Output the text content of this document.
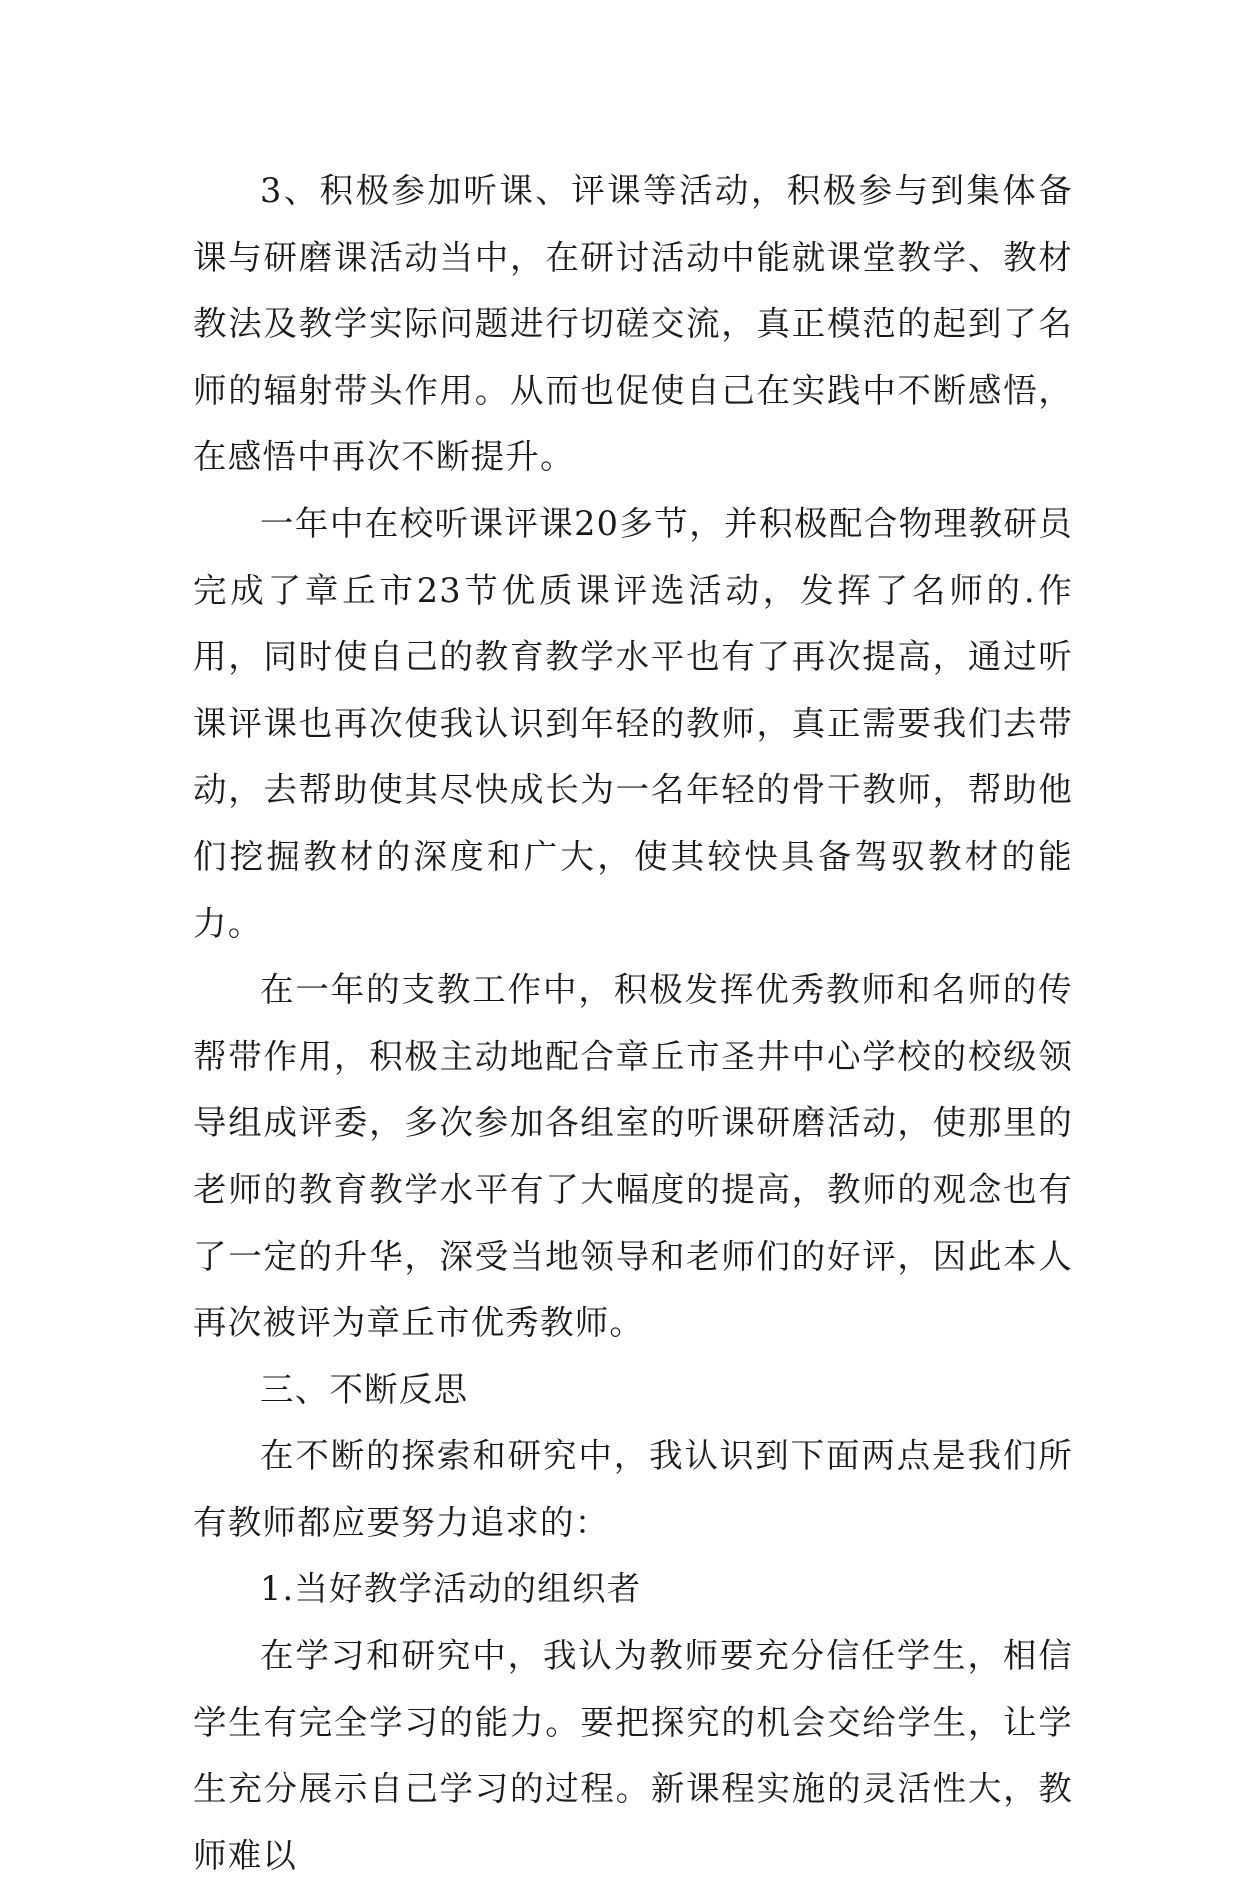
3、积极参加听课、评课等活动，积极参与到集体备课与研磨课活动当中，在研讨活动中能就课堂教学、教材教法及教学实际问题进行切磋交流，真正模范的起到了名师的辐射带头作用。从而也促使自己在实践中不断感悟，在感悟中再次不断提升。

一年中在校听课评课20多节，并积极配合物理教研员完成了章丘市23节优质课评选活动，发挥了名师的.作用，同时使自己的教育教学水平也有了再次提高，通过听课评课也再次使我认识到年轻的教师，真正需要我们去带动，去帮助使其尽快成长为一名年轻的骨干教师，帮助他们挖掘教材的深度和广大，使其较快具备驾驭教材的能力。

在一年的支教工作中，积极发挥优秀教师和名师的传帮带作用，积极主动地配合章丘市圣井中心学校的校级领导组成评委，多次参加各组室的听课研磨活动，使那里的老师的教育教学水平有了大幅度的提高，教师的观念也有了一定的升华，深受当地领导和老师们的好评，因此本人再次被评为章丘市优秀教师。

三、不断反思

在不断的探索和研究中，我认识到下面两点是我们所有教师都应要努力追求的：

1.当好教学活动的组织者

在学习和研究中，我认为教师要充分信任学生，相信学生有完全学习的能力。要把探究的机会交给学生，让学生充分展示自己学习的过程。新课程实施的灵活性大，教师难以
